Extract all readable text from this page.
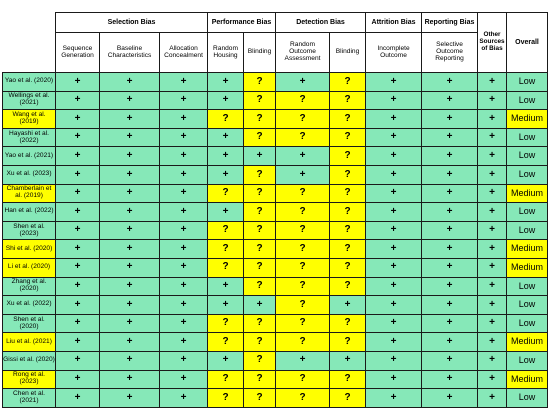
	Selection Bias			Performance Bias		Detection Bias		Attrition Bias	Reporting Bias	Other Sources of Bias	Overall
	Sequence Generation	Baseline Characteristics	Allocation Concealment	Random Housing	Blinding	Random Outcome Assessment	Blinding	Incomplete Outcome	Selective Outcome Reporting		
Yao et al. (2020)	+	+	+	+	?	+	?	+	+	+	Low
Wellings et al. (2021)	+	+	+	+	?	?	?	+	+	+	Low
Wang et al. (2019)	+	+	+	?	?	?	?	+	+	+	Medium
Hayashi et al. (2022)	+	+	+	+	?	?	?	+	+	+	Low
Yao et al. (2021)	+	+	+	+	+	+	?	+	+	+	Low
Xu et al. (2023)	+	+	+	+	?	+	?	+	+	+	Low
Chamberlain et al. (2019)	+	+	+	?	?	?	?	+	+	+	Medium
Han et al. (2022)	+	+	+	+	?	?	?	+	+	+	Low
Shen et al. (2023)	+	+	+	?	?	?	?	+	+	+	Low
Shi et al. (2020)	+	+	+	?	?	?	?	+	+	+	Medium
Li et al. (2020)	+	+	+	?	?	?	?	+	+	+	Medium
Zhang et al. (2020)	+	+	+	+	?	?	?	+	+	+	Low
Xu et al. (2022)	+	+	+	+	+	?	+	+	+	+	Low
Shen et al. (2020)	+	+	+	?	?	?	?	+	+	+	Low
Liu et al. (2021)	+	+	+	?	?	?	?	+	+	+	Medium
Gissi et al. (2020)	+	+	+	+	?	+	+	+	+	+	Low
Rong et al. (2023)	+	+	+	?	?	?	?	+	+	+	Medium
Chen et al. (2021)	+	+	+	?	?	?	?	+	+	+	Low
